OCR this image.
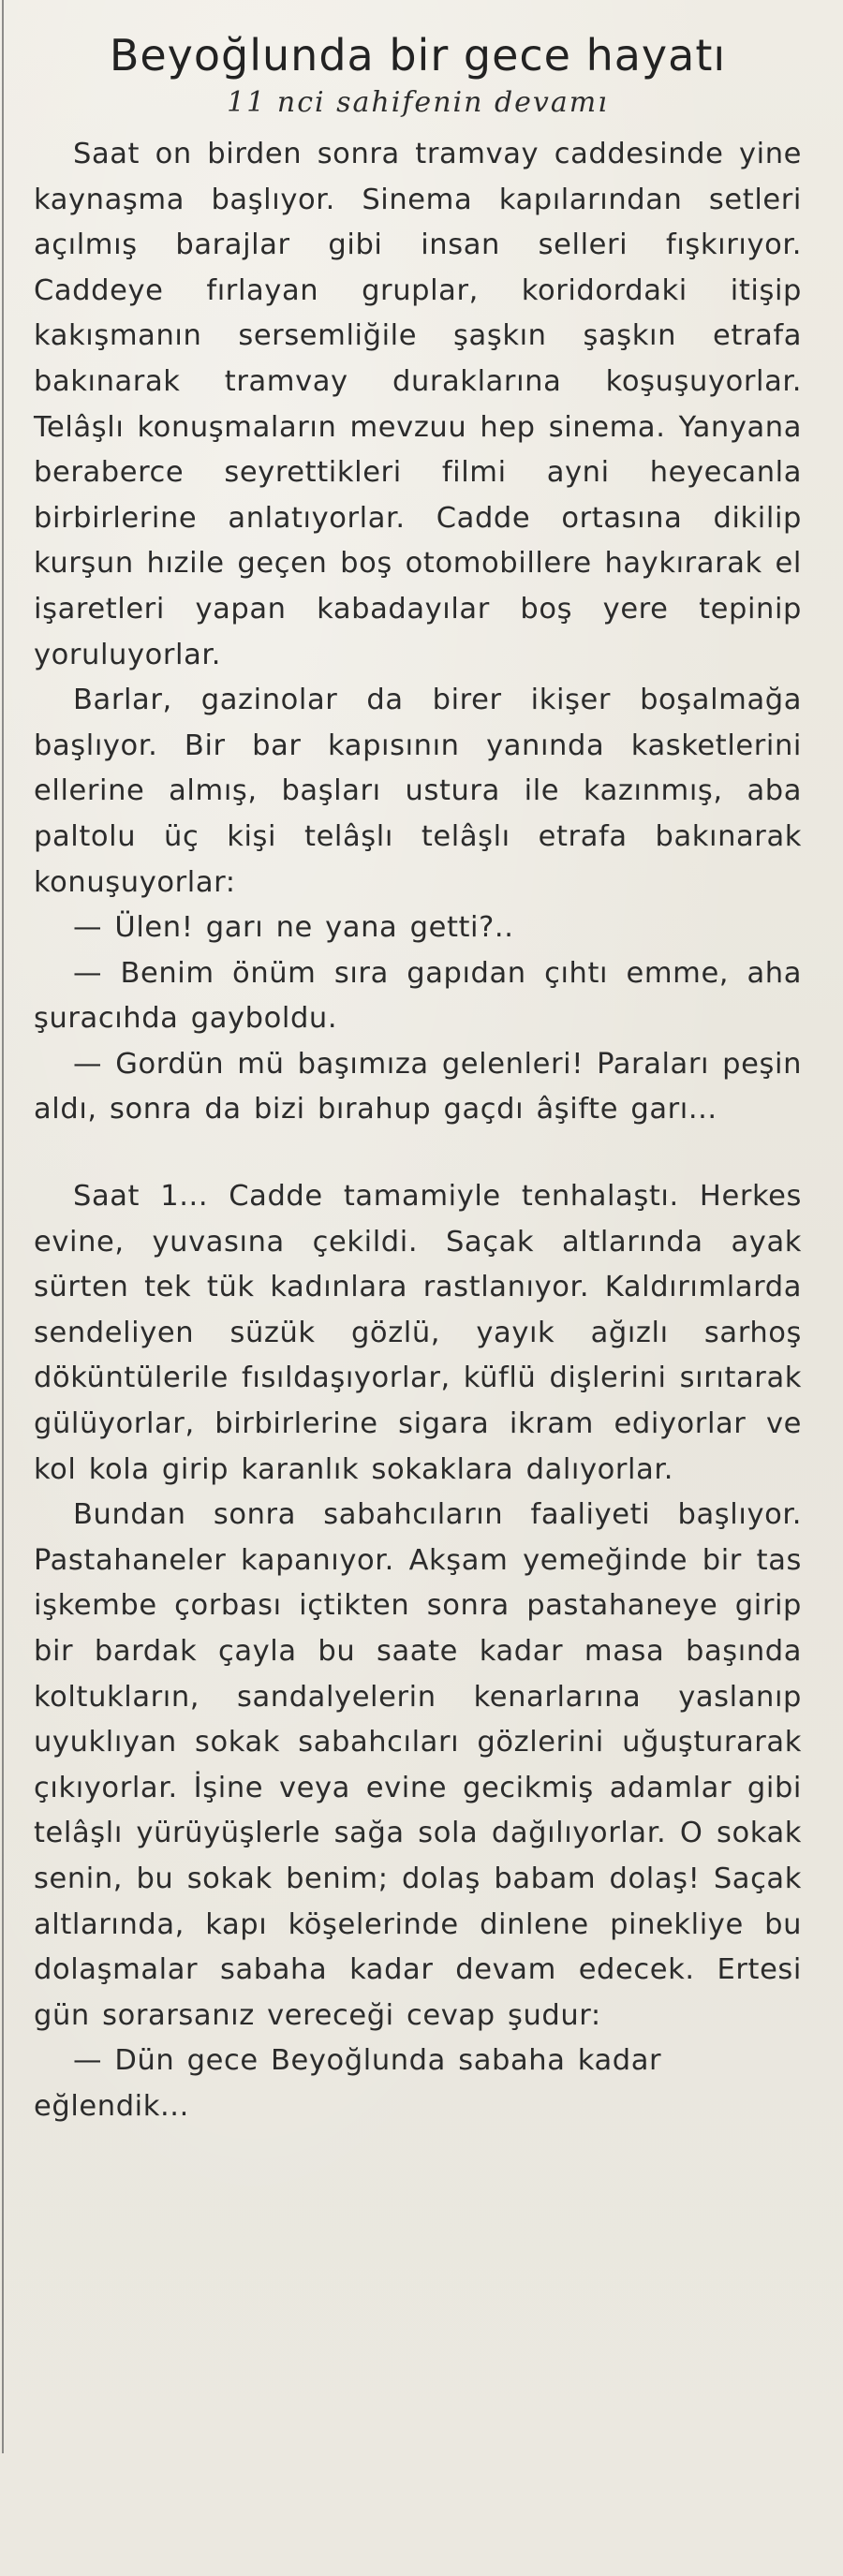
Beyoğlunda bir gece hayatı
11 nci sahifenin devamı

Saat on birden sonra tramvay caddesinde yine kaynaşma başlıyor. Sinema kapılarından setleri açılmış barajlar gibi insan selleri fışkırıyor. Caddeye fırlayan gruplar, koridordaki itişip kakışmanın sersemliğile şaşkın şaşkın etrafa bakınarak tramvay duraklarına koşuşuyorlar. Telâşlı konuşmaların mevzuu hep sinema. Yanyana beraberce seyrettikleri filmi ayni heyecanla birbirlerine anlatıyorlar. Cadde ortasına dikilip kurşun hızile geçen boş otomobillere haykırarak el işaretleri yapan kabadayılar boş yere tepinip yoruluyorlar.

Barlar, gazinolar da birer ikişer boşalmağa başlıyor. Bir bar kapısının yanında kasketlerini ellerine almış, başları ustura ile kazınmış, aba paltolu üç kişi telâşlı telâşlı etrafa bakınarak konuşuyorlar:

— Ülen! garı ne yana getti?..

— Benim önüm sıra gapıdan çıhtı emme, aha şuracıhda gayboldu.

— Gordün mü başımıza gelenleri! Paraları peşin aldı, sonra da bizi bırahup gaçdı âşifte garı...

Saat 1... Cadde tamamiyle tenhalaştı. Herkes evine, yuvasına çekildi. Saçak altlarında ayak sürten tek tük kadınlara rastlanıyor. Kaldırımlarda sendeliyen süzük gözlü, yayık ağızlı sarhoş döküntülerile fısıldaşıyorlar, küflü dişlerini sırıtarak gülüyorlar, birbirlerine sigara ikram ediyorlar ve kol kola girip karanlık sokaklara dalıyorlar.

Bundan sonra sabahcıların faaliyeti başlıyor. Pastahaneler kapanıyor. Akşam yemeğinde bir tas işkembe çorbası içtikten sonra pastahaneye girip bir bardak çayla bu saate kadar masa başında koltukların, sandalyelerin kenarlarına yaslanıp uyuklıyan sokak sabahcıları gözlerini uğuşturarak çıkıyorlar. İşine veya evine gecikmiş adamlar gibi telâşlı yürüyüşlerle sağa sola dağılıyorlar. O sokak senin, bu sokak benim; dolaş babam dolaş! Saçak altlarında, kapı köşelerinde dinlene pinekliye bu dolaşmalar sabaha kadar devam edecek. Ertesi gün sorarsanız vereceği cevap şudur:

— Dün gece Beyoğlunda sabaha kadar eğlendik...
